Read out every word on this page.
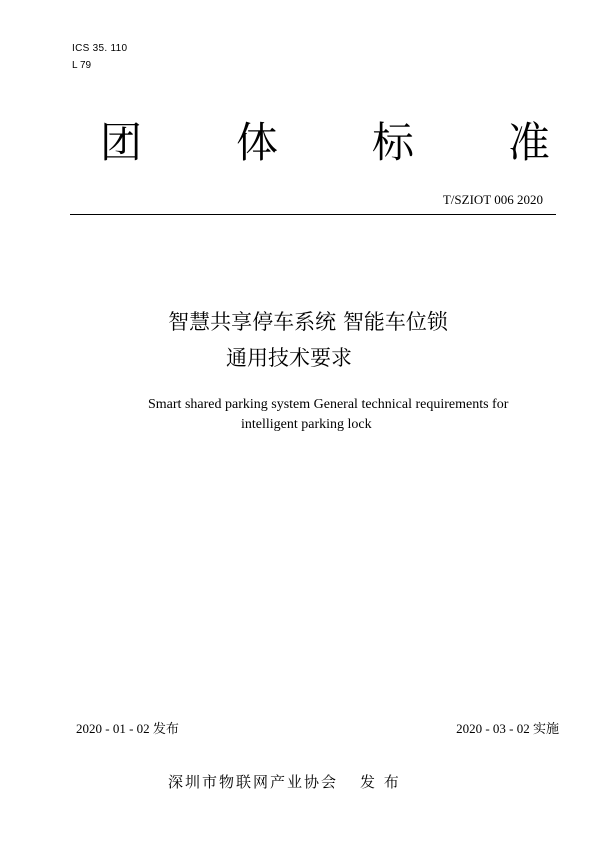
ICS 35. 110
L 79
团 体 标 准
T/SZIOT 006 2020
智慧共享停车系统 智能车位锁
通用技术要求
Smart shared parking system General technical requirements for
intelligent parking lock
2020 - 01 - 02 发布	2020 - 03 - 02 实施
深圳市物联网产业协会 发 布
